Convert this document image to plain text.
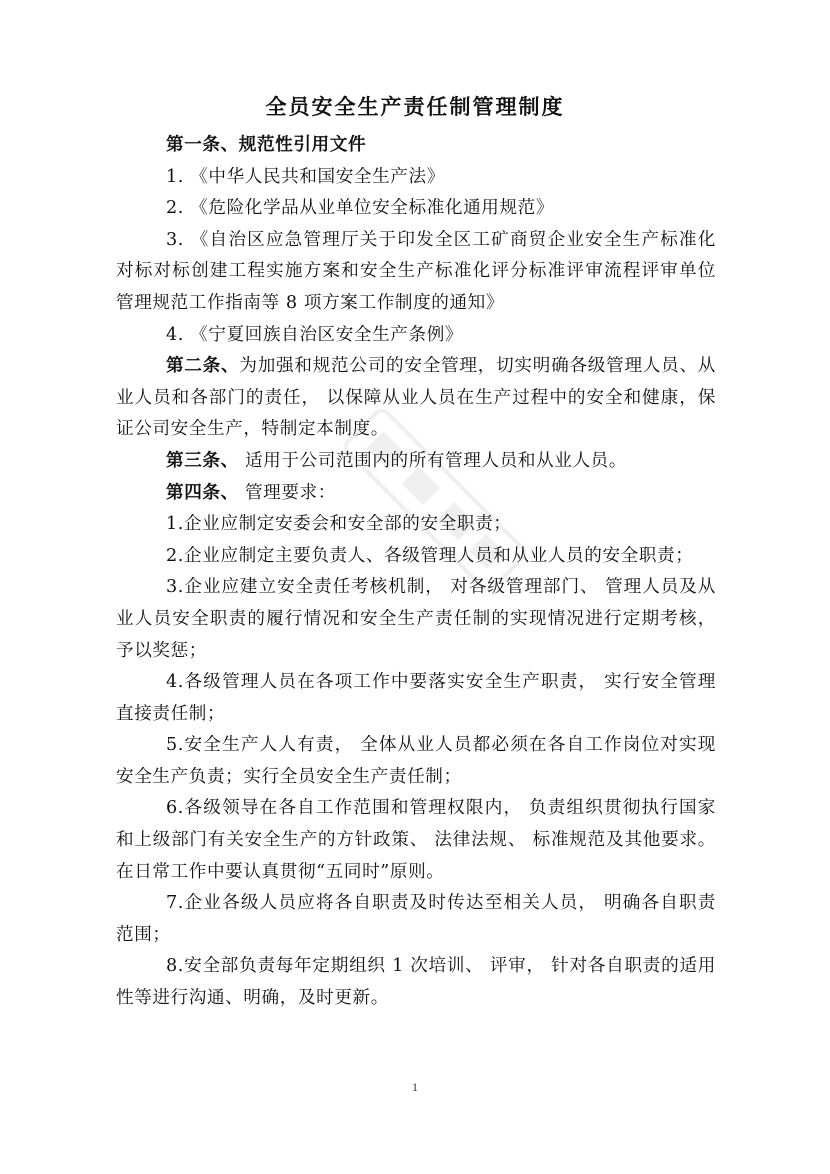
全员安全生产责任制管理制度

第一条、规范性引用文件

1. 《中华人民共和国安全生产法》

2. 《危险化学品从业单位安全标准化通用规范》

3. 《自治区应急管理厅关于印发全区工矿商贸企业安全生产标准化对标对标创建工程实施方案和安全生产标准化评分标准评审流程评审单位管理规范工作指南等 8 项方案工作制度的通知》

4. 《宁夏回族自治区安全生产条例》

第二条、为加强和规范公司的安全管理，切实明确各级管理人员、从业人员和各部门的责任， 以保障从业人员在生产过程中的安全和健康，保证公司安全生产，特制定本制度。

第三条、 适用于公司范围内的所有管理人员和从业人员。

第四条、 管理要求：

1.企业应制定安委会和安全部的安全职责；

2.企业应制定主要负责人、各级管理人员和从业人员的安全职责；

3.企业应建立安全责任考核机制， 对各级管理部门、 管理人员及从业人员安全职责的履行情况和安全生产责任制的实现情况进行定期考核，予以奖惩；

4.各级管理人员在各项工作中要落实安全生产职责， 实行安全管理直接责任制；

5.安全生产人人有责， 全体从业人员都必须在各自工作岗位对实现安全生产负责；实行全员安全生产责任制；

6.各级领导在各自工作范围和管理权限内， 负责组织贯彻执行国家和上级部门有关安全生产的方针政策、 法律法规、 标准规范及其他要求。在日常工作中要认真贯彻“五同时”原则。

7.企业各级人员应将各自职责及时传达至相关人员， 明确各自职责范围；

8.安全部负责每年定期组织 1 次培训、 评审， 针对各自职责的适用性等进行沟通、明确，及时更新。

1
